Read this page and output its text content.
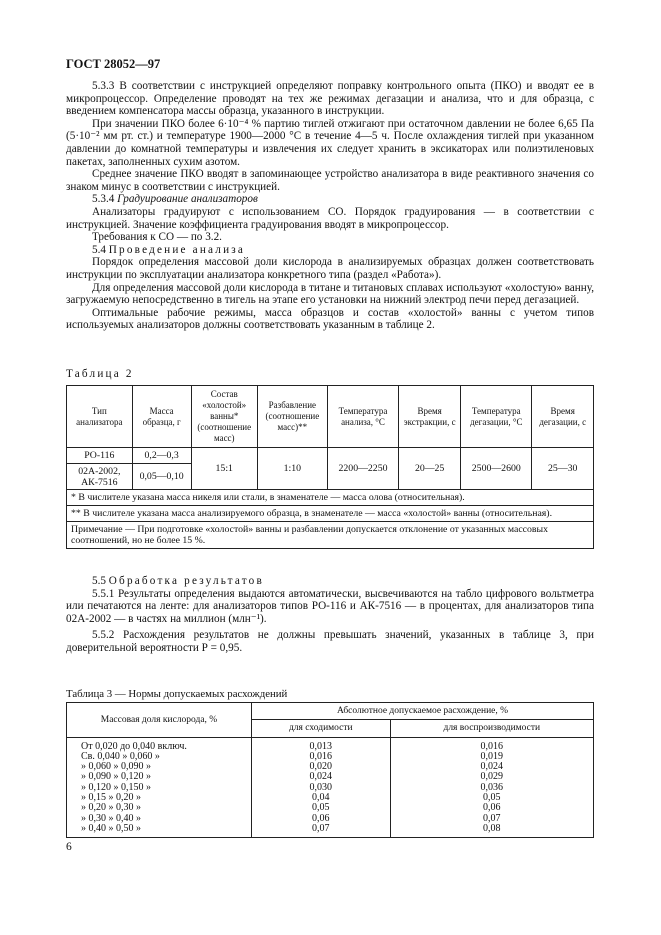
ГОСТ 28052—97

5.3.3 В соответствии с инструкцией определяют поправку контрольного опыта (ПКО) и вводят ее в микропроцессор. Определение проводят на тех же режимах дегазации и анализа, что и для образца, с введением компенсатора массы образца, указанного в инструкции.

При значении ПКО более 6·10⁻⁴ % партию тиглей отжигают при остаточном давлении не более 6,65 Па (5·10⁻² мм рт. ст.) и температуре 1900—2000 °С в течение 4—5 ч. После охлаждения тиглей при указанном давлении до комнатной температуры и извлечения их следует хранить в эксикаторах или полиэтиленовых пакетах, заполненных сухим азотом.

Среднее значение ПКО вводят в запоминающее устройство анализатора в виде реактивного значения со знаком минус в соответствии с инструкцией.

5.3.4 Градуирование анализаторов

Анализаторы градуируют с использованием СО. Порядок градуирования — в соответствии с инструкцией. Значение коэффициента градуирования вводят в микропроцессор.

Требования к СО — по 3.2.

5.4 Проведение анализа

Порядок определения массовой доли кислорода в анализируемых образцах должен соответствовать инструкции по эксплуатации анализатора конкретного типа (раздел «Работа»).

Для определения массовой доли кислорода в титане и титановых сплавах используют «холостую» ванну, загружаемую непосредственно в тигель на этапе его установки на нижний электрод печи перед дегазацией.

Оптимальные рабочие режимы, масса образцов и состав «холостой» ванны с учетом типов используемых анализаторов должны соответствовать указанным в таблице 2.

Таблица 2
Тип анализатора	Масса образца, г	Состав «холостой» ванны* (соотношение масс)	Разбавление (соотношение масс)**	Температура анализа, °С	Время экстракции, с	Температура дегазации, °С	Время дегазации, с
РО-116	0,2—0,3	15:1	1:10	2200—2250	20—25	2500—2600	25—30
02А-2002, АК-7516	0,05—0,10						
* В числителе указана масса никеля или стали, в знаменателе — масса олова (относительная).							
** В числителе указана масса анализируемого образца, в знаменателе — масса «холостой» ванны (относительная).							
Примечание — При подготовке «холостой» ванны и разбавлении допускается отклонение от указанных массовых соотношений, но не более 15 %.							

5.5 Обработка результатов

5.5.1 Результаты определения выдаются автоматически, высвечиваются на табло цифрового вольтметра или печатаются на ленте: для анализаторов типов РО-116 и АК-7516 — в процентах, для анализаторов типа 02А-2002 — в частях на миллион (млн⁻¹).

5.5.2 Расхождения результатов не должны превышать значений, указанных в таблице 3, при доверительной вероятности Р = 0,95.

Таблица 3 — Нормы допускаемых расхождений
Массовая доля кислорода, %	Абсолютное допускаемое расхождение, %	
	для сходимости	для воспроизводимости
От 0,020 до 0,040 включ.	0,013	0,016
Св. 0,040 » 0,060 »	0,016	0,019
» 0,060 » 0,090 »	0,020	0,024
» 0,090 » 0,120 »	0,024	0,029
» 0,120 » 0,150 »	0,030	0,036
» 0,15 » 0,20 »	0,04	0,05
» 0,20 » 0,30 »	0,05	0,06
» 0,30 » 0,40 »	0,06	0,07
» 0,40 » 0,50 »	0,07	0,08
6
